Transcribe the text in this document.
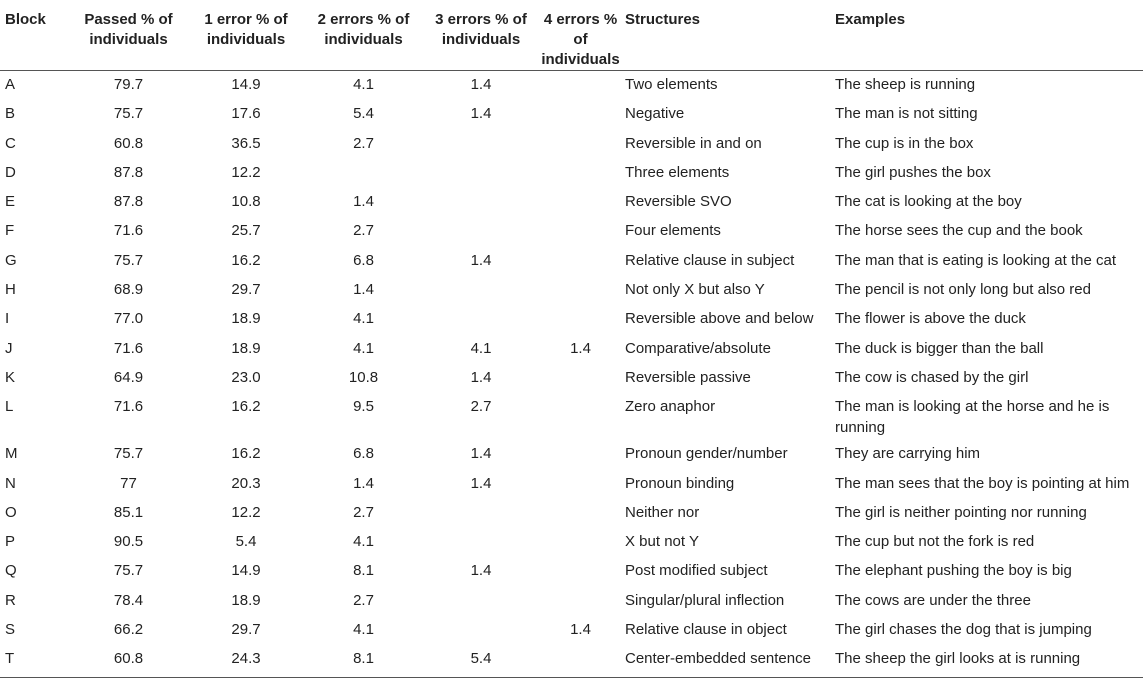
Block	Passed % of individuals	1 error % of individuals	2 errors % of individuals	3 errors % of individuals	4 errors % of individuals	Structures	Examples
A	79.7	14.9	4.1	1.4		Two elements	The sheep is running
B	75.7	17.6	5.4	1.4		Negative	The man is not sitting
C	60.8	36.5	2.7			Reversible in and on	The cup is in the box
D	87.8	12.2				Three elements	The girl pushes the box
E	87.8	10.8	1.4			Reversible SVO	The cat is looking at the boy
F	71.6	25.7	2.7			Four elements	The horse sees the cup and the book
G	75.7	16.2	6.8	1.4		Relative clause in subject	The man that is eating is looking at the cat
H	68.9	29.7	1.4			Not only X but also Y	The pencil is not only long but also red
I	77.0	18.9	4.1			Reversible above and below	The flower is above the duck
J	71.6	18.9	4.1	4.1	1.4	Comparative/absolute	The duck is bigger than the ball
K	64.9	23.0	10.8	1.4		Reversible passive	The cow is chased by the girl
L	71.6	16.2	9.5	2.7		Zero anaphor	The man is looking at the horse and he is running
M	75.7	16.2	6.8	1.4		Pronoun gender/number	They are carrying him
N	77	20.3	1.4	1.4		Pronoun binding	The man sees that the boy is pointing at him
O	85.1	12.2	2.7			Neither nor	The girl is neither pointing nor running
P	90.5	5.4	4.1			X but not Y	The cup but not the fork is red
Q	75.7	14.9	8.1	1.4		Post modified subject	The elephant pushing the boy is big
R	78.4	18.9	2.7			Singular/plural inflection	The cows are under the three
S	66.2	29.7	4.1		1.4	Relative clause in object	The girl chases the dog that is jumping
T	60.8	24.3	8.1	5.4		Center-embedded sentence	The sheep the girl looks at is running
